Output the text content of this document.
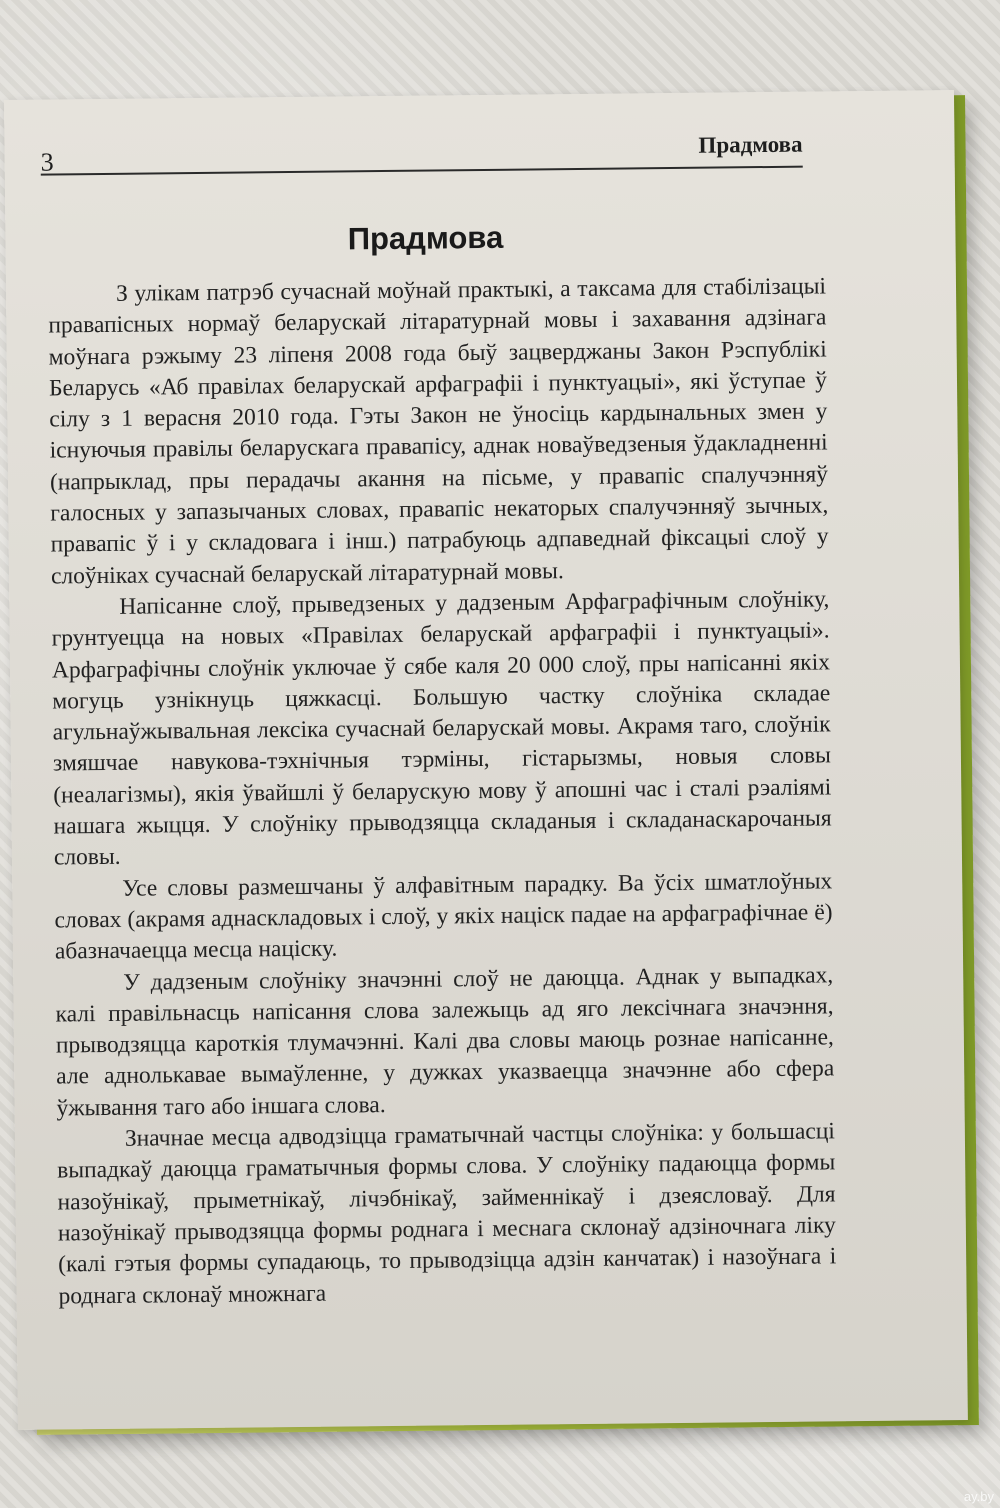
3
Прадмова
Прадмова

З улікам патрэб сучаснай моўнай практыкі, а таксама для стабілізацыі правапісных нормаў беларускай літаратурнай мовы і захавання адзінага моўнага рэжыму 23 ліпеня 2008 года быў зацверджаны Закон Рэспублікі Беларусь «Аб правілах беларускай арфаграфіі і пунктуацыі», які ўступае ў сілу з 1 верасня 2010 года. Гэты Закон не ўносіць кардынальных змен у існуючыя правілы беларускага правапісу, аднак новаўведзеныя ўдакладненні (напрыклад, пры перадачы акання на пісьме, у правапіс спалучэнняў галосных у запазычаных словах, правапіс некаторых спалучэнняў зычных, правапіс ў і у складовага і інш.) патрабуюць адпаведнай фіксацыі слоў у слоўніках сучаснай беларускай літаратурнай мовы.

Напісанне слоў, прыведзеных у дадзеным Арфаграфічным слоўніку, грунтуецца на новых «Правілах беларускай арфаграфіі і пунктуацыі». Арфаграфічны слоўнік уключае ў сябе каля 20 000 слоў, пры напісанні якіх могуць узнікнуць цяжкасці. Большую частку слоўніка складае агульнаўжывальная лексіка сучаснай беларускай мовы. Акрамя таго, слоўнік змяшчае навукова-тэхнічныя тэрміны, гістарызмы, новыя словы (неалагізмы), якія ўвайшлі ў беларускую мову ў апошні час і сталі рэаліямі нашага жыцця. У слоўніку прыводзяцца складаныя і складанаскарочаныя словы.

Усе словы размешчаны ў алфавітным парадку. Ва ўсіх шматлоўных словах (акрамя аднаскладовых і слоў, у якіх націск падае на арфаграфічнае ё) абазначаецца месца націску.

У дадзеным слоўніку значэнні слоў не даюцца. Аднак у выпадках, калі правільнасць напісання слова залежыць ад яго лексічнага значэння, прыводзяцца кароткія тлумачэнні. Калі два словы маюць рознае напісанне, але аднолькавае вымаўленне, у дужках указваецца значэнне або сфера ўжывання таго або іншага слова.

Значнае месца адводзіцца граматычнай частцы слоўніка: у большасці выпадкаў даюцца граматычныя формы слова. У слоўніку падаюцца формы назоўнікаў, прыметнікаў, лічэбнікаў, займеннікаў і дзеясловаў. Для назоўнікаў прыводзяцца формы роднага і меснага склонаў адзіночнага ліку (калі гэтыя формы супадаюць, то прыводзіцца адзін канчатак) і назоўнага і роднага склонаў множнага

ay.by
